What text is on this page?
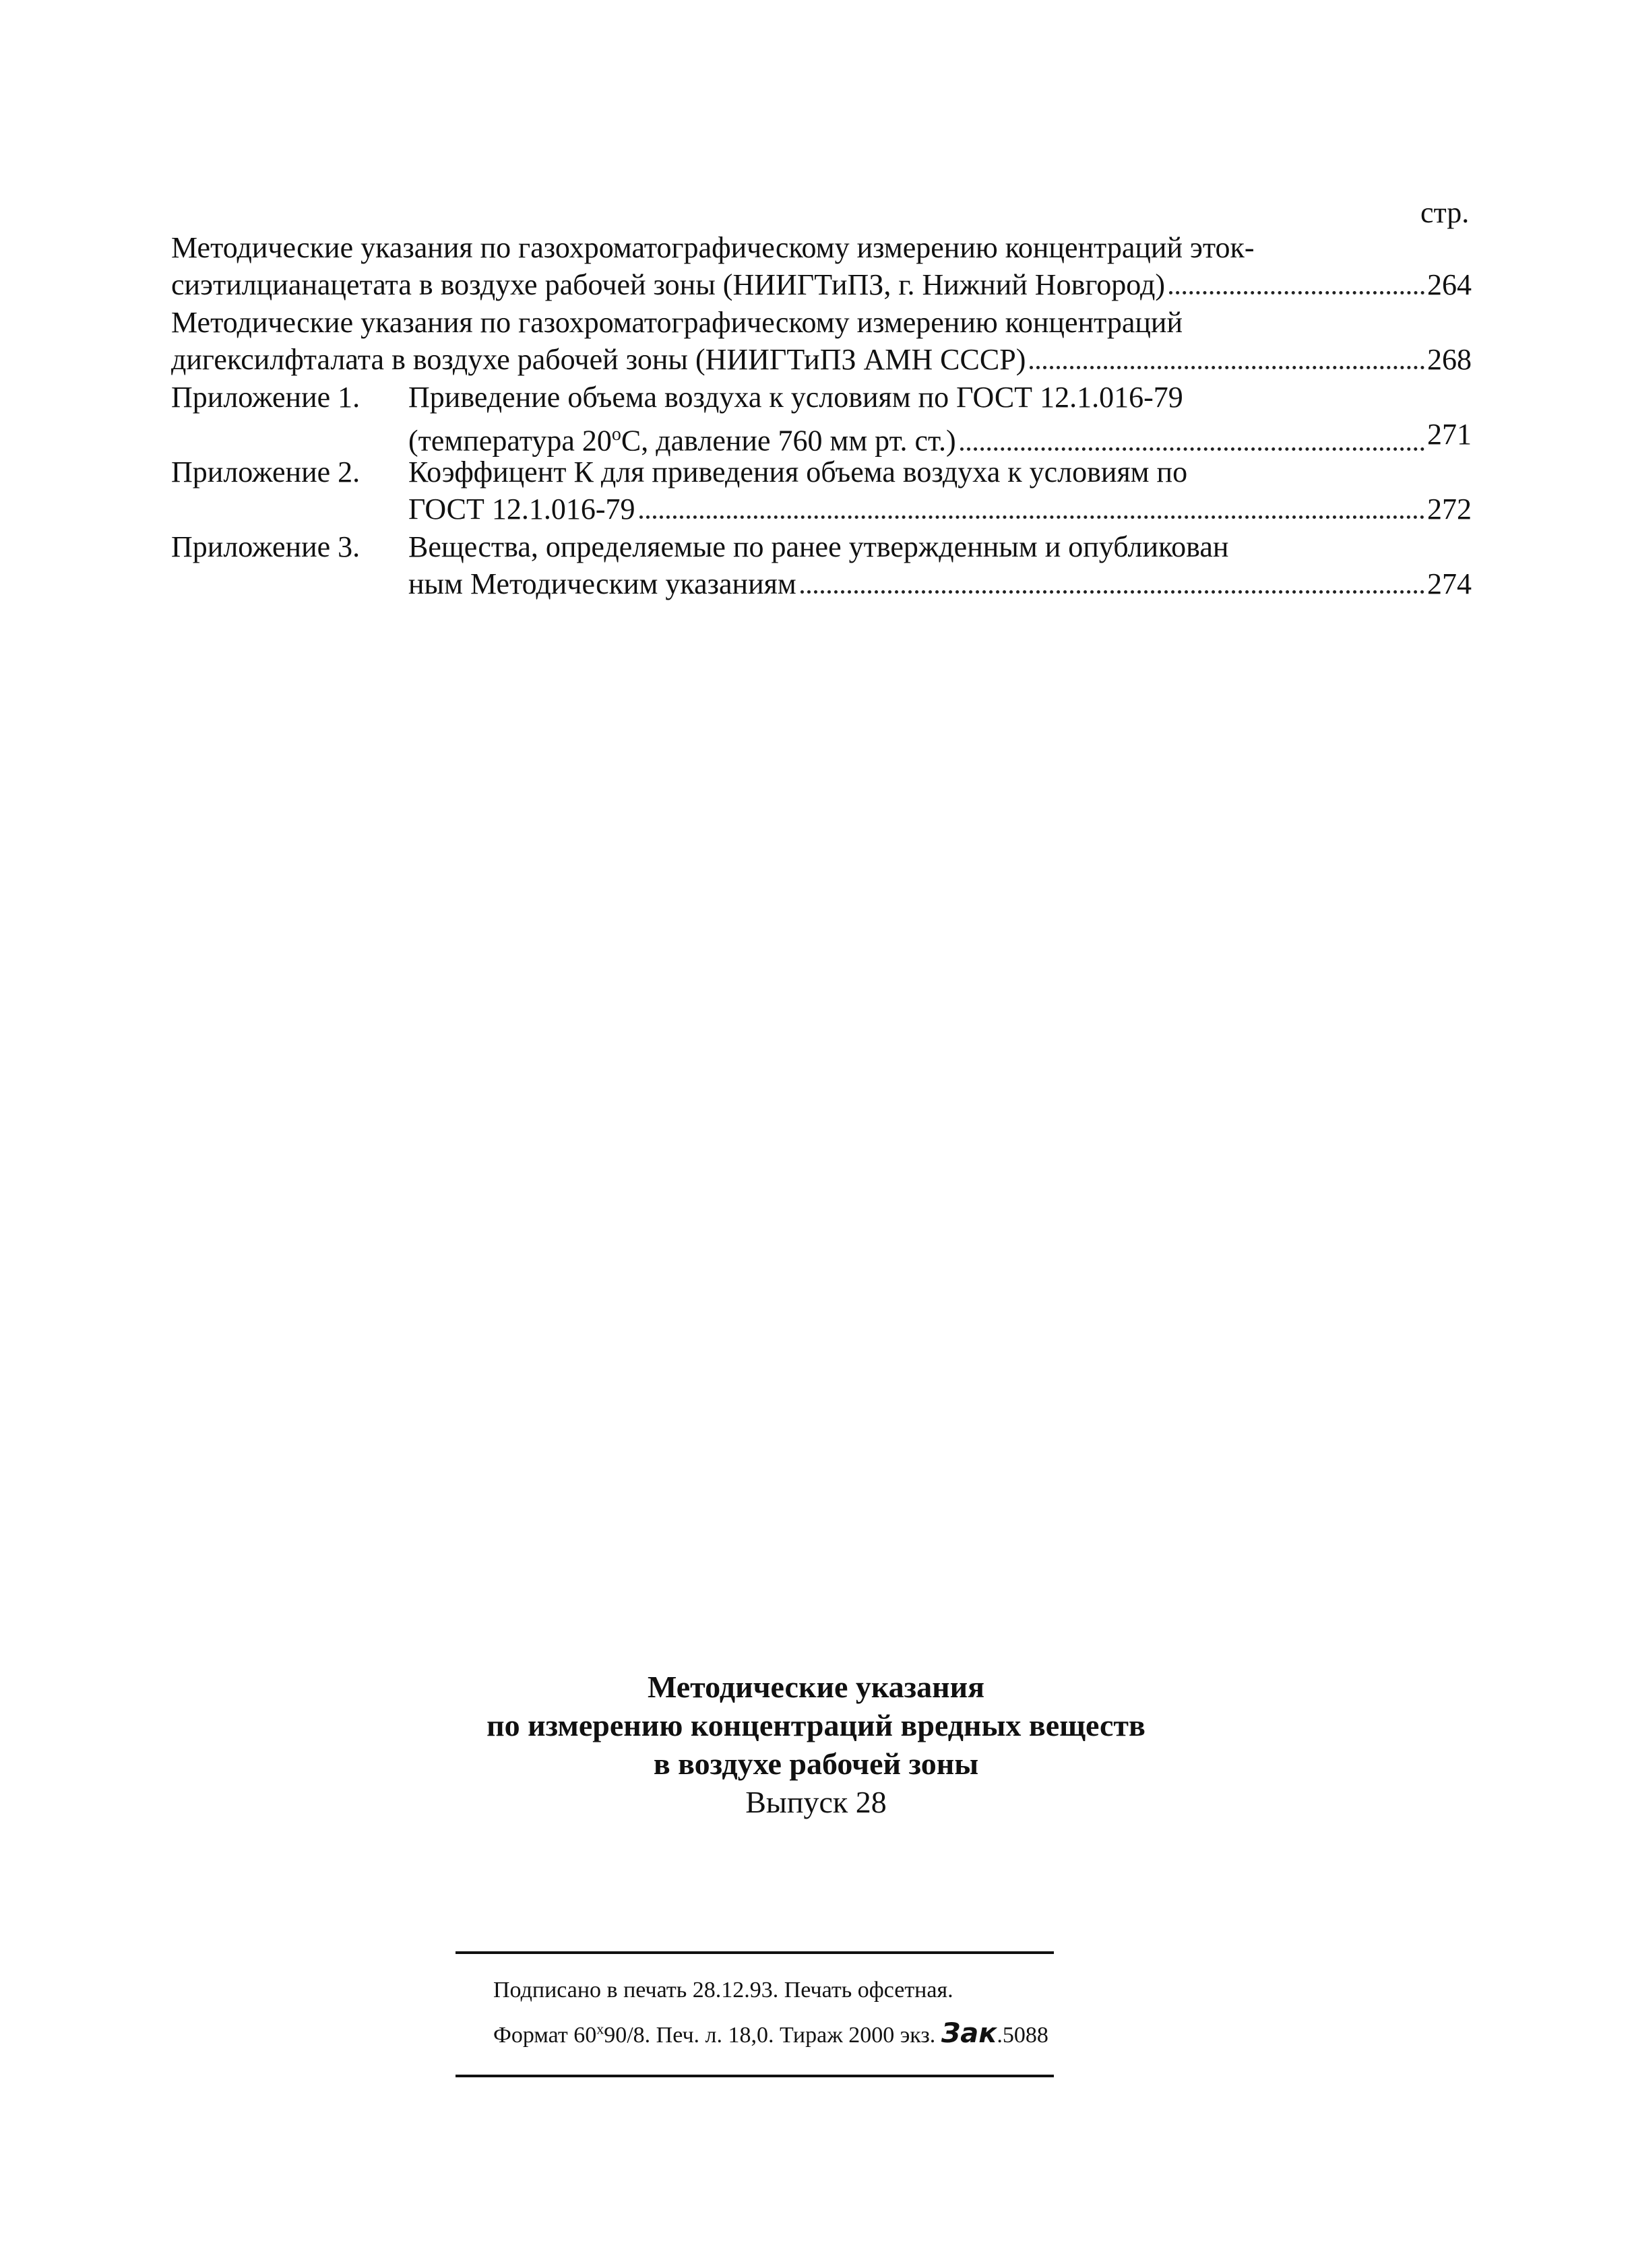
стр.
Методические указания по газохроматографическому измерению концентраций эток-
сиэтилцианацетата в воздухе рабочей зоны (НИИГТиПЗ, г. Нижний Новгород)	264
Методические указания по газохроматографическому измерению концентраций
дигексилфталата в воздухе рабочей зоны (НИИГТиПЗ АМН СССР)	268
Приложение 1.	Приведение объема воздуха к условиям по ГОСТ 12.1.016-79
(температура $20^оС$, давление 760 мм рт. ст.)	271
Приложение 2.	Коэффицент К для приведения объема воздуха к условиям по
ГОСТ 12.1.016-79	272
Приложение 3.	Вещества, определяемые по ранее утвержденным и опубликован
ным Методическим указаниям	274
Методические указания
по измерению концентраций вредных веществ
в воздухе рабочей зоны
Выпуск 28
Подписано в печать 28.12.93. Печать офсетная.
Формат $60^х90/8$. Печ. л. 18,0. Тираж 2000 экз. Зак.5088
